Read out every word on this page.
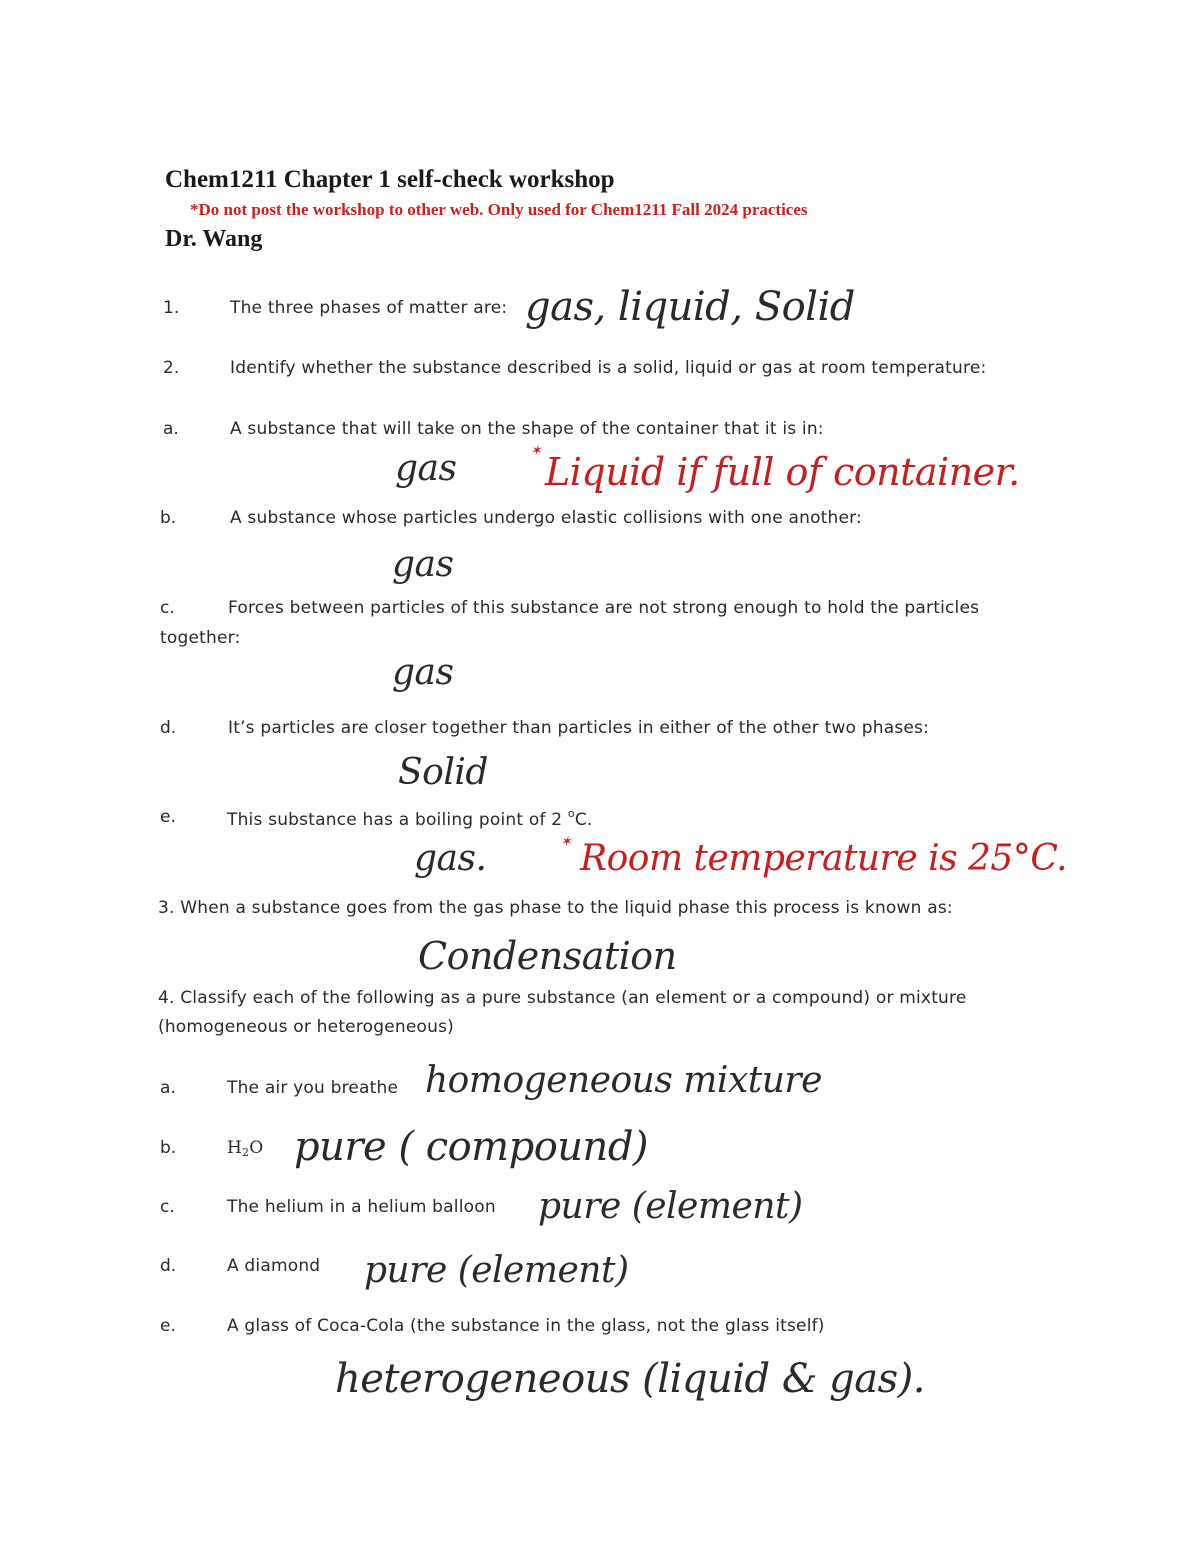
Chem1211 Chapter 1 self-check workshop
*Do not post the workshop to other web. Only used for Chem1211 Fall 2024 practices
Dr. Wang
1.	The three phases of matter are: gas, liquid, Solid
2.	Identify whether the substance described is a solid, liquid or gas at room temperature:
a.	A substance that will take on the shape of the container that it is in:
gas	✶ Liquid if full of container.
b.	A substance whose particles undergo elastic collisions with one another:
gas
c.	Forces between particles of this substance are not strong enough to hold the particles
together:
gas
d.	It’s particles are closer together than particles in either of the other two phases:
Solid
e.	This substance has a boiling point of 2 $^o$C.
gas.	✶ Room temperature is 25°C.
3. When a substance goes from the gas phase to the liquid phase this process is known as:
Condensation
4. Classify each of the following as a pure substance (an element or a compound) or mixture
(homogeneous or heterogeneous)
a.	The air you breathe homogeneous mixture
b.	$H_2O$ pure ( compound)
c.	The helium in a helium balloon pure (element)
d.	A diamond pure (element)
e.	A glass of Coca-Cola (the substance in the glass, not the glass itself)
heterogeneous (liquid & gas).
